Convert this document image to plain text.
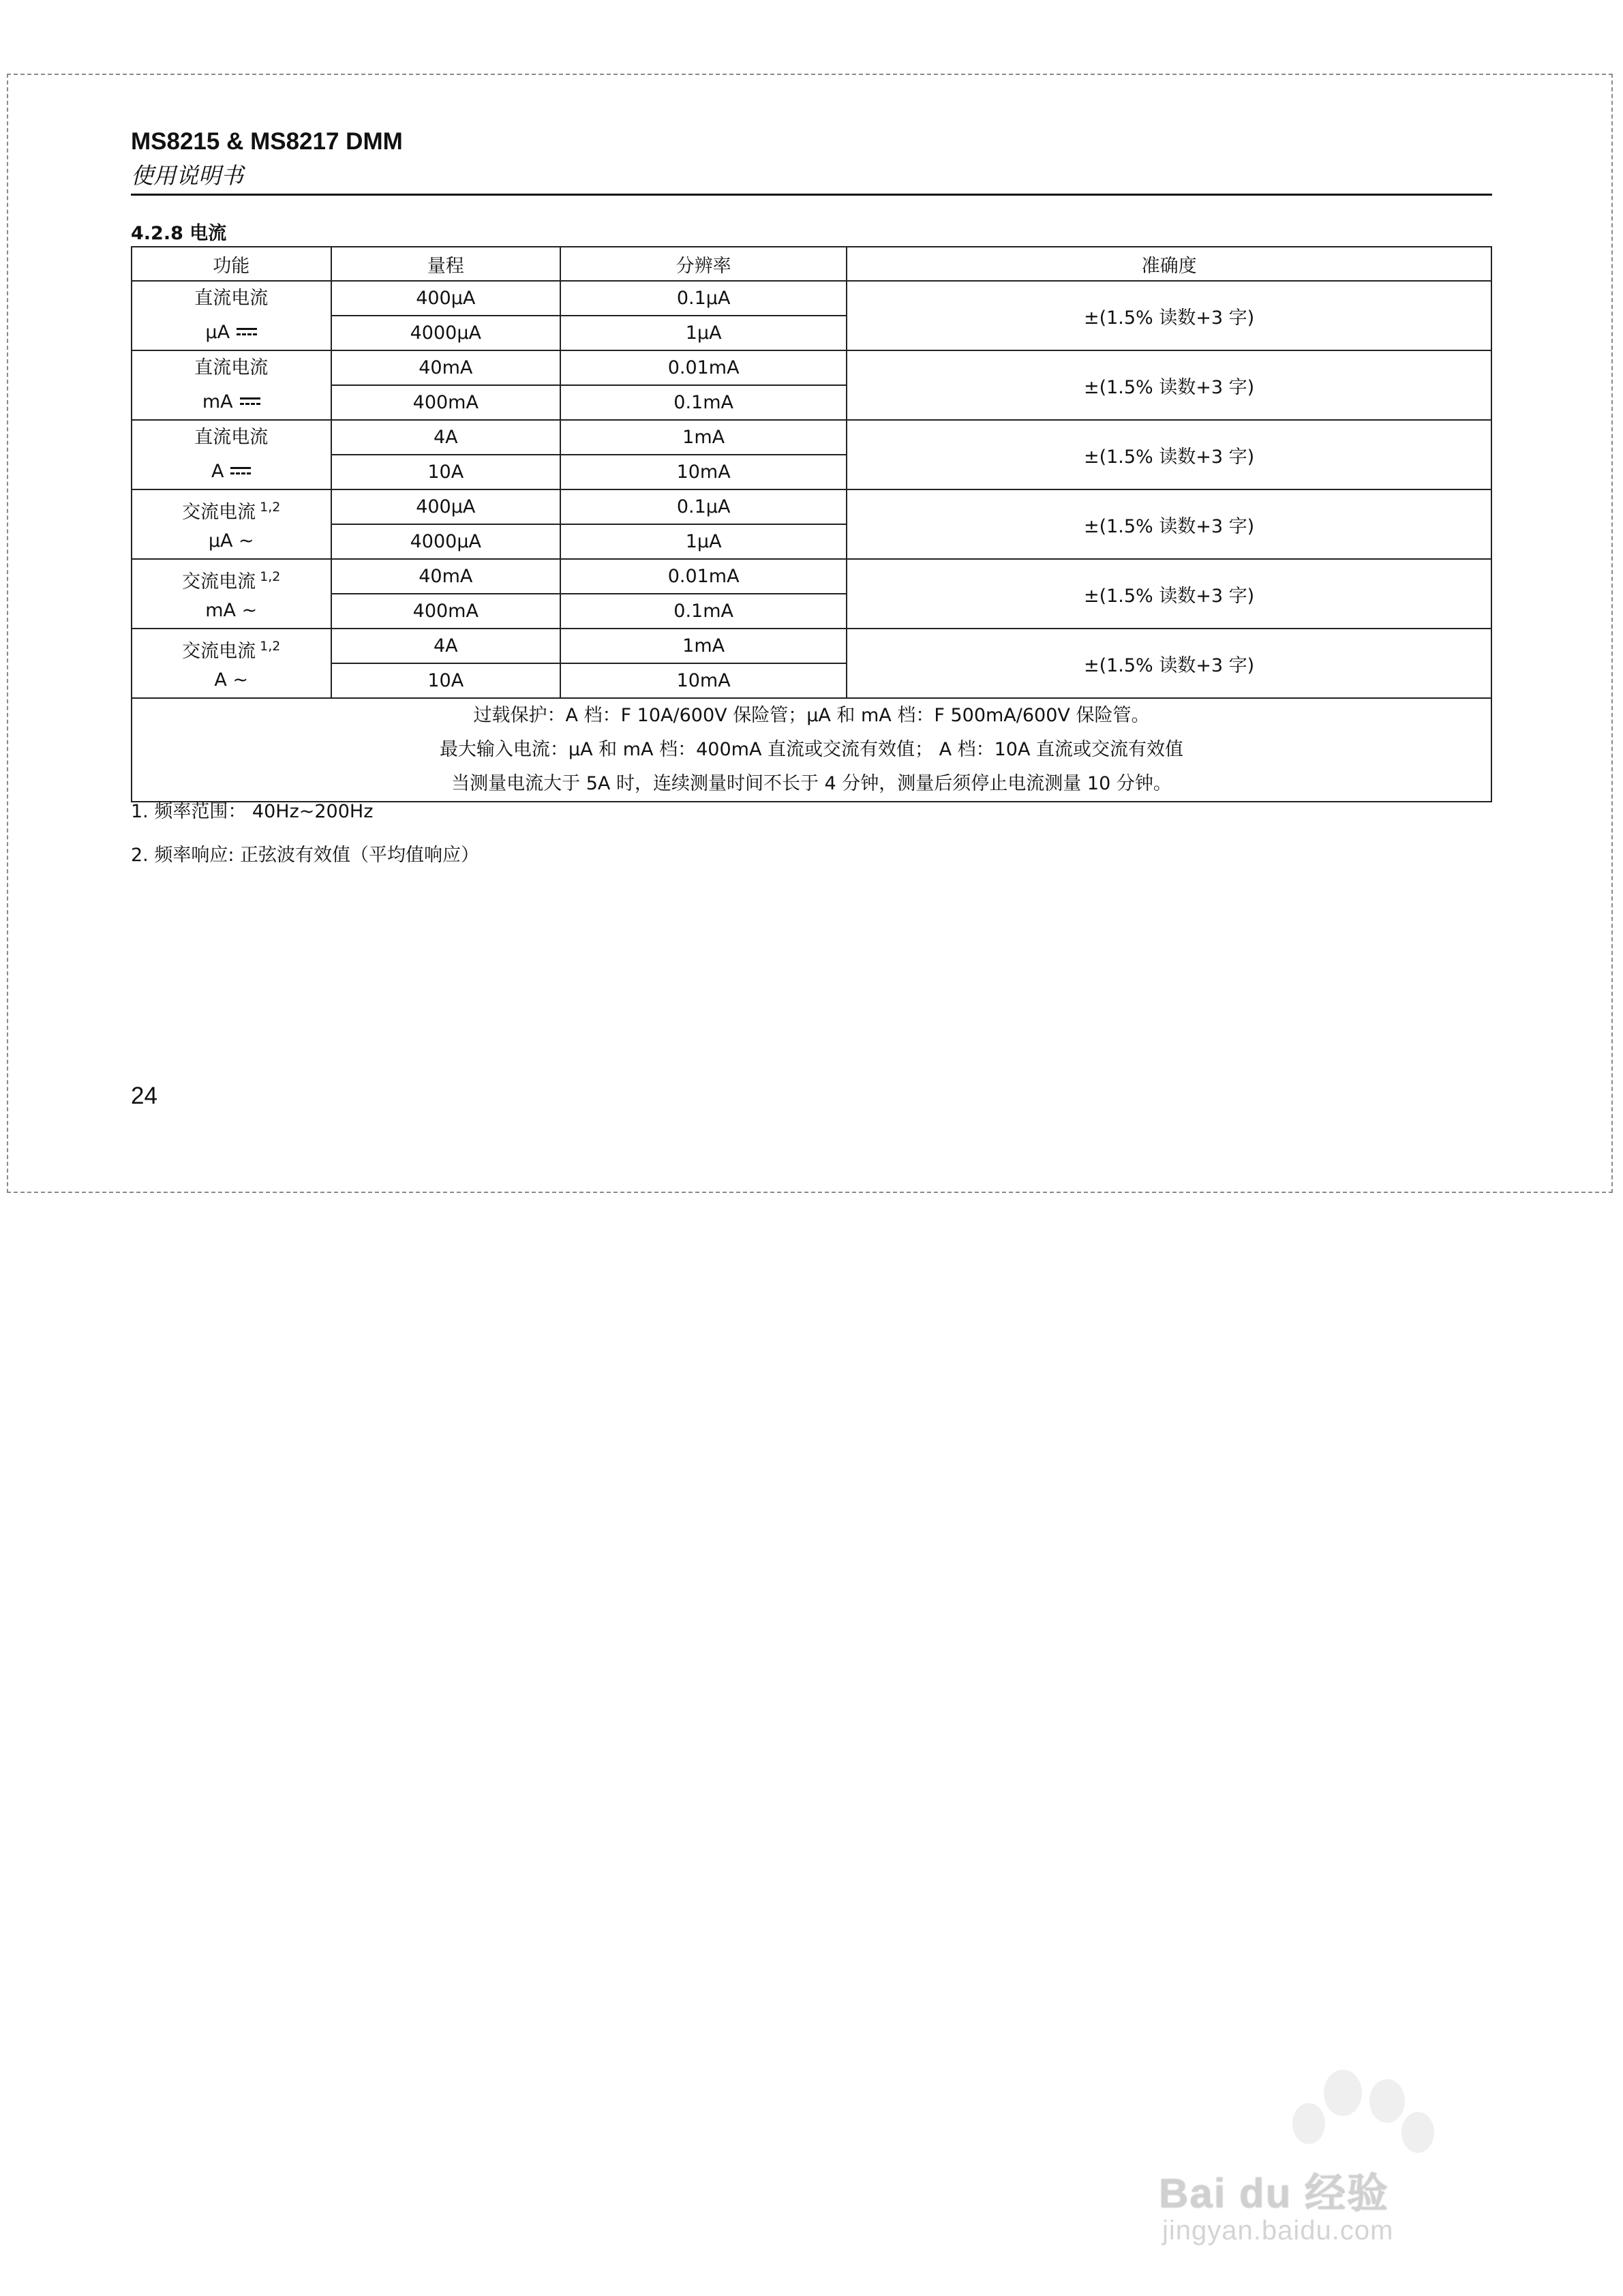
MS8215 & MS8217 DMM
使用说明书
4.2.8 电流
功能	量程	分辨率	准确度

直流电流
μA	400μA	0.1μA	±(1.5% 读数+3 字)
	4000μA	1μA	

直流电流
mA	40mA	0.01mA	±(1.5% 读数+3 字)
	400mA	0.1mA	

直流电流
A	4A	1mA	±(1.5% 读数+3 字)
	10A	10mA	

交流电流 $^{1,2}$
μA ~	400μA	0.1μA	±(1.5% 读数+3 字)
	4000μA	1μA	

交流电流 $^{1,2}$
mA ~	40mA	0.01mA	±(1.5% 读数+3 字)
	400mA	0.1mA	

交流电流 $^{1,2}$
A ~	4A	1mA	±(1.5% 读数+3 字)
	10A	10mA	

过载保护：A 档：F 10A/600V 保险管；μA 和 mA 档：F 500mA/600V 保险管。
最大输入电流：μA 和 mA 档：400mA 直流或交流有效值； A 档：10A 直流或交流有效值
当测量电流大于 5A 时，连续测量时间不长于 4 分钟，测量后须停止电流测量 10 分钟。			
1. 频率范围： 40Hz~200Hz
2. 频率响应: 正弦波有效值（平均值响应）
24
Bai du 经验
jingyan.baidu.com
